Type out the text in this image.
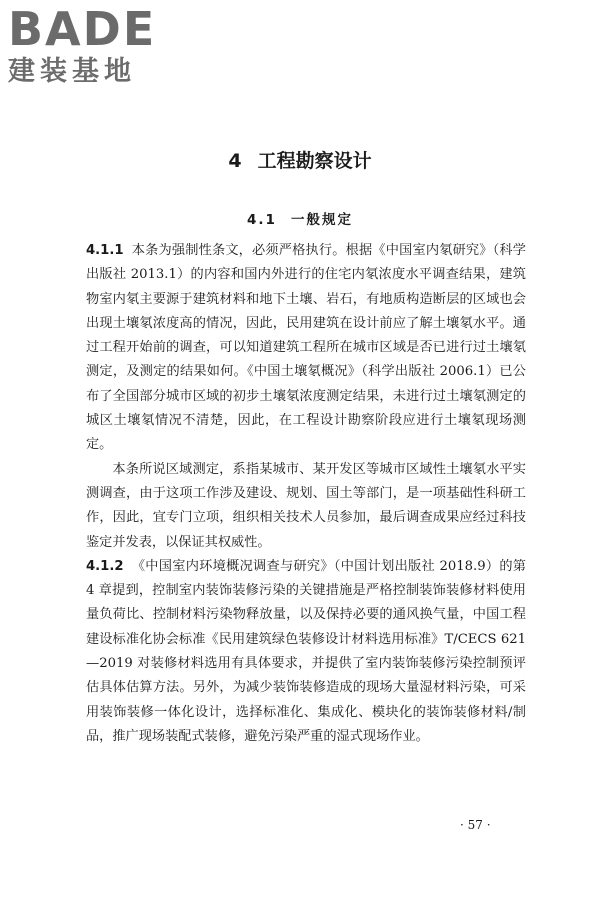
BADE
建装基地
4 工程勘察设计
4.1 一般规定

4.1.1 本条为强制性条文，必须严格执行。根据《中国室内氡研究》（科学出版社 2013.1）的内容和国内外进行的住宅内氡浓度水平调查结果，建筑物室内氡主要源于建筑材料和地下土壤、岩石，有地质构造断层的区域也会出现土壤氡浓度高的情况，因此，民用建筑在设计前应了解土壤氡水平。通过工程开始前的调查，可以知道建筑工程所在城市区域是否已进行过土壤氡测定，及测定的结果如何。《中国土壤氡概况》（科学出版社 2006.1）已公布了全国部分城市区域的初步土壤氡浓度测定结果，未进行过土壤氡测定的城区土壤氡情况不清楚，因此，在工程设计勘察阶段应进行土壤氡现场测定。

本条所说区域测定，系指某城市、某开发区等城市区域性土壤氡水平实测调查，由于这项工作涉及建设、规划、国土等部门，是一项基础性科研工作，因此，宜专门立项，组织相关技术人员参加，最后调查成果应经过科技鉴定并发表，以保证其权威性。

4.1.2 《中国室内环境概况调查与研究》（中国计划出版社 2018.9）的第 4 章提到，控制室内装饰装修污染的关键措施是严格控制装饰装修材料使用量负荷比、控制材料污染物释放量，以及保持必要的通风换气量，中国工程建设标准化协会标准《民用建筑绿色装修设计材料选用标准》T/CECS 621—2019 对装修材料选用有具体要求，并提供了室内装饰装修污染控制预评估具体估算方法。另外，为减少装饰装修造成的现场大量湿材料污染，可采用装饰装修一体化设计，选择标准化、集成化、模块化的装饰装修材料/制品，推广现场装配式装修，避免污染严重的湿式现场作业。

· 57 ·
